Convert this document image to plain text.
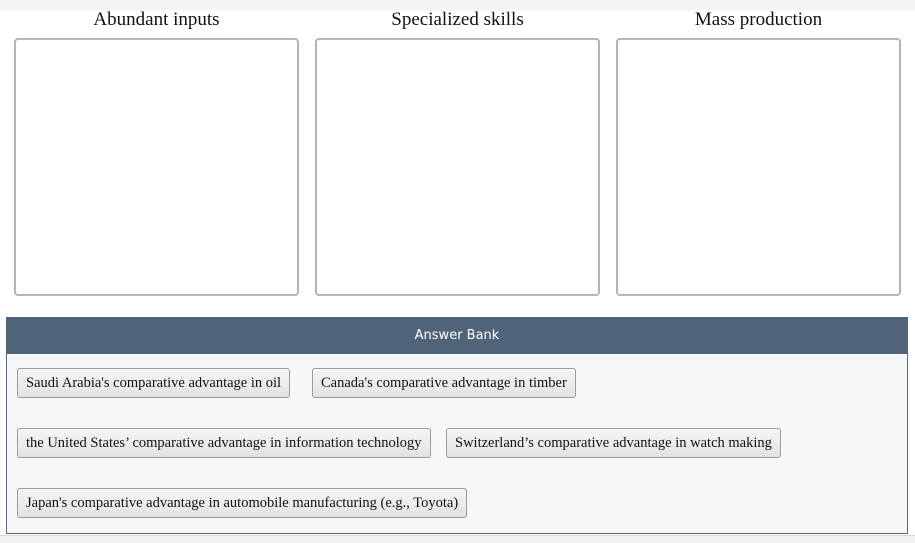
Abundant inputs	Specialized skills	Mass production
Answer Bank
Saudi Arabia's comparative advantage in oil	Canada's comparative advantage in timber
the United States’ comparative advantage in information technology	Switzerland’s comparative advantage in watch making
Japan's comparative advantage in automobile manufacturing (e.g., Toyota)
